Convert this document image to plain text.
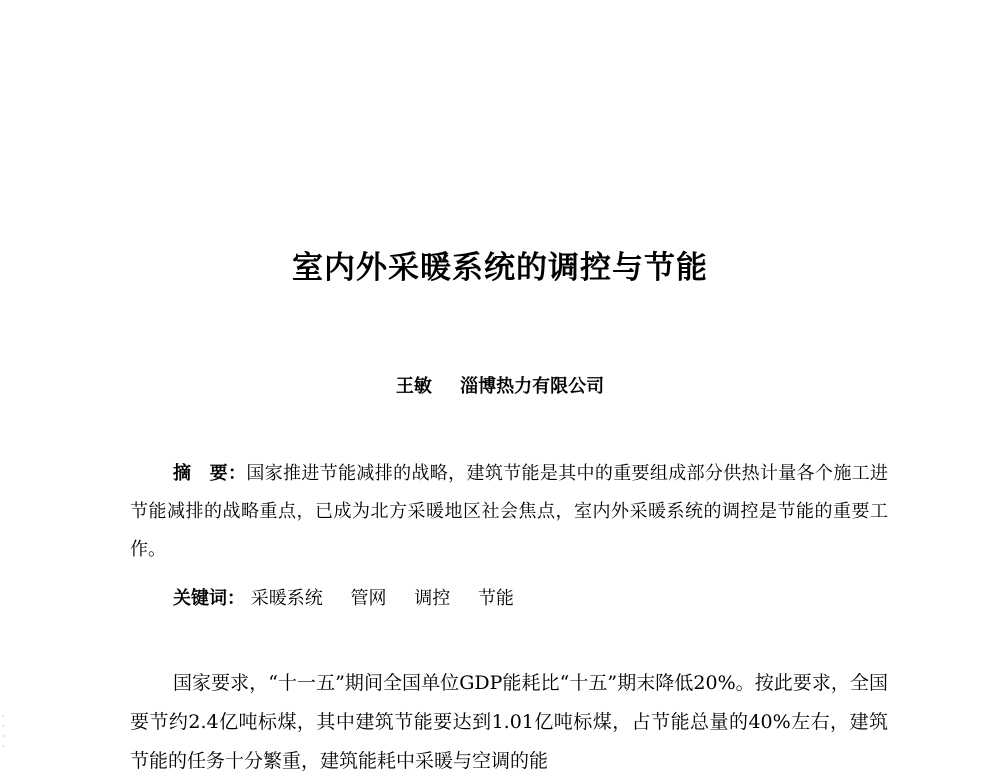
室内外采暖系统的调控与节能
王敏 淄博热力有限公司
摘　要：国家推进节能减排的战略，建筑节能是其中的重要组成部分供热计量各个施工进节能减排的战略重点，已成为北方采暖地区社会焦点，室内外采暖系统的调控是节能的重要工作。
关键词： 采暖系统 管网 调控 节能
国家要求，“十一五”期间全国单位GDP能耗比“十五”期末降低20%。按此要求，全国要节约2.4亿吨标煤，其中建筑节能要达到1.01亿吨标煤，占节能总量的40%左右，建筑节能的任务十分繁重，建筑能耗中采暖与空调的能
·
·
·
·
